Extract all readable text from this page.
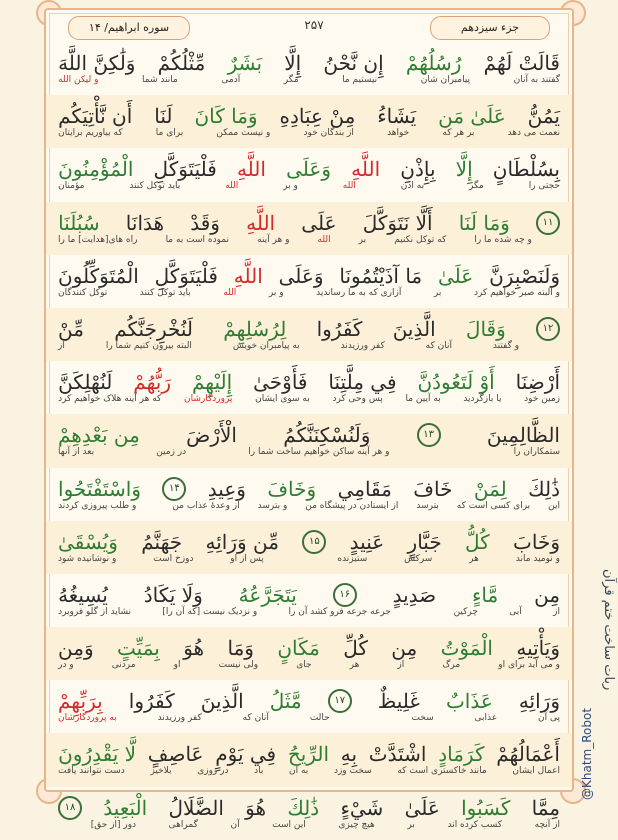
سوره ابراهیم/ ۱۴	۲۵۷	جزء سیزدهم
قَالَتْ لَهُمْ
رُسُلُهُمْ
إِن نَّحْنُ
إِلَّا
بَشَرٌ
مِّثْلُكُمْ
وَلَٰكِنَّ اللَّهَ
گفتند به آنان
پیامبران شان
نیستیم ما
مگر
آدمی
مانند شما
و لیکن الله
يَمُنُّ
عَلَىٰ مَن
يَشَاءُ
مِنْ عِبَادِهِ
وَمَا كَانَ
لَنَا
أَن نَّأْتِيَكُم
نعمت می دهد
بر هر که
خواهد
از بندگان خود
و نیست ممکن
برای ما
که بیاوریم برایتان
بِسُلْطَانٍ
إِلَّا
بِإِذْنِ
اللَّهِ
وَعَلَى
اللَّهِ
فَلْيَتَوَكَّلِ
الْمُؤْمِنُونَ
حجتی را
مگر
به اذن
الله
و بر
الله
باید توکل کنند
مؤمنان
۱۱
وَمَا لَنَا
أَلَّا نَتَوَكَّلَ
عَلَى
اللَّهِ
وَقَدْ
هَدَانَا
سُبُلَنَا
و چه شده ما را
که توکل نکنیم
بر
الله
و هر آینه
نموده است به ما
راه های[هدایت] ما را
وَلَنَصْبِرَنَّ
عَلَىٰ
مَا آذَيْتُمُونَا
وَعَلَى
اللَّهِ
فَلْيَتَوَكَّلِ
الْمُتَوَكِّلُونَ
و البته صبر خواهیم کرد
بر
آزاری که به ما رساندید
و بر
الله
باید توکل کنند
توکل کنندگان
۱۲
وَقَالَ
الَّذِينَ
كَفَرُوا
لِرُسُلِهِمْ
لَنُخْرِجَنَّكُم
مِّنْ
و گفتند
آنان که
کفر ورزیدند
به پیامبران خویش
البته بیرون کنیم شما را
از
أَرْضِنَا
أَوْ لَتَعُودُنَّ
فِي مِلَّتِنَا
فَأَوْحَىٰ
إِلَيْهِمْ
رَبُّهُمْ
لَنُهْلِكَنَّ
زمین خود
یا بازگردید
به آیین ما
پس وحی کرد
به سوی ایشان
پروردگارشان
که هر آینه هلاک خواهیم کرد
الظَّالِمِينَ
۱۳
وَلَنُسْكِنَنَّكُمُ
الْأَرْضَ
مِن بَعْدِهِمْ
ستمکاران را
و هر آینه ساکن خواهیم ساخت شما را
در زمین
بعد از آنها
ذَٰلِكَ
لِمَنْ
خَافَ
مَقَامِي
وَخَافَ
وَعِيدِ
۱۴
وَاسْتَفْتَحُوا
این
برای کسی است که
بترسد
از ایستادن در پیشگاه من
و بترسد
از وعدهٔ عذاب من
و طلب پیروزی کردند
وَخَابَ
كُلُّ
جَبَّارٍ
عَنِيدٍ
۱۵
مِّن وَرَائِهِ
جَهَنَّمُ
وَيُسْقَىٰ
و نومید ماند
هر
سرکش
ستیزنده
پس از او
دوزخ است
و نوشانیده شود
مِن
مَّاءٍ
صَدِيدٍ
۱۶
يَتَجَرَّعُهُ
وَلَا يَكَادُ
يُسِيغُهُ
از
آبی
چرکین
جرعه جرعه فرو کشد آن را
و نزدیک نیست [که آن را]
نشاید از گلو فروبرد
وَيَأْتِيهِ
الْمَوْتُ
مِن
كُلِّ
مَكَانٍ
وَمَا
هُوَ
بِمَيِّتٍ
وَمِن
و می آید برای او
مرگ
از
هر
جای
ولی نیست
او
مردنی
و در
وَرَائِهِ
عَذَابٌ
غَلِيظٌ
۱۷
مَّثَلُ
الَّذِينَ
كَفَرُوا
بِرَبِّهِمْ
پی آن
عذابی
سخت
حالت
آنان که
کفر ورزیدند
به پروردگارشان
أَعْمَالُهُمْ
كَرَمَادٍ
اشْتَدَّتْ
بِهِ
الرِّيحُ
فِي يَوْمٍ
عَاصِفٍ
لَّا يَقْدِرُونَ
اعمال ایشان
مانند خاکستری است که
سخت وزد
به آن
باد
در روزی
بلاخیز
دست نتوانند یافت
مِمَّا
كَسَبُوا
عَلَىٰ
شَيْءٍ
ذَٰلِكَ
هُوَ
الضَّلَالُ
الْبَعِيدُ
۱۸
از آنچه
کسب کرده اند
بر
هیچ چیزی
این است
آن
گمراهی
دور [از حق]
ربات ساخت ختم قرآن
@Khatm_Robot
